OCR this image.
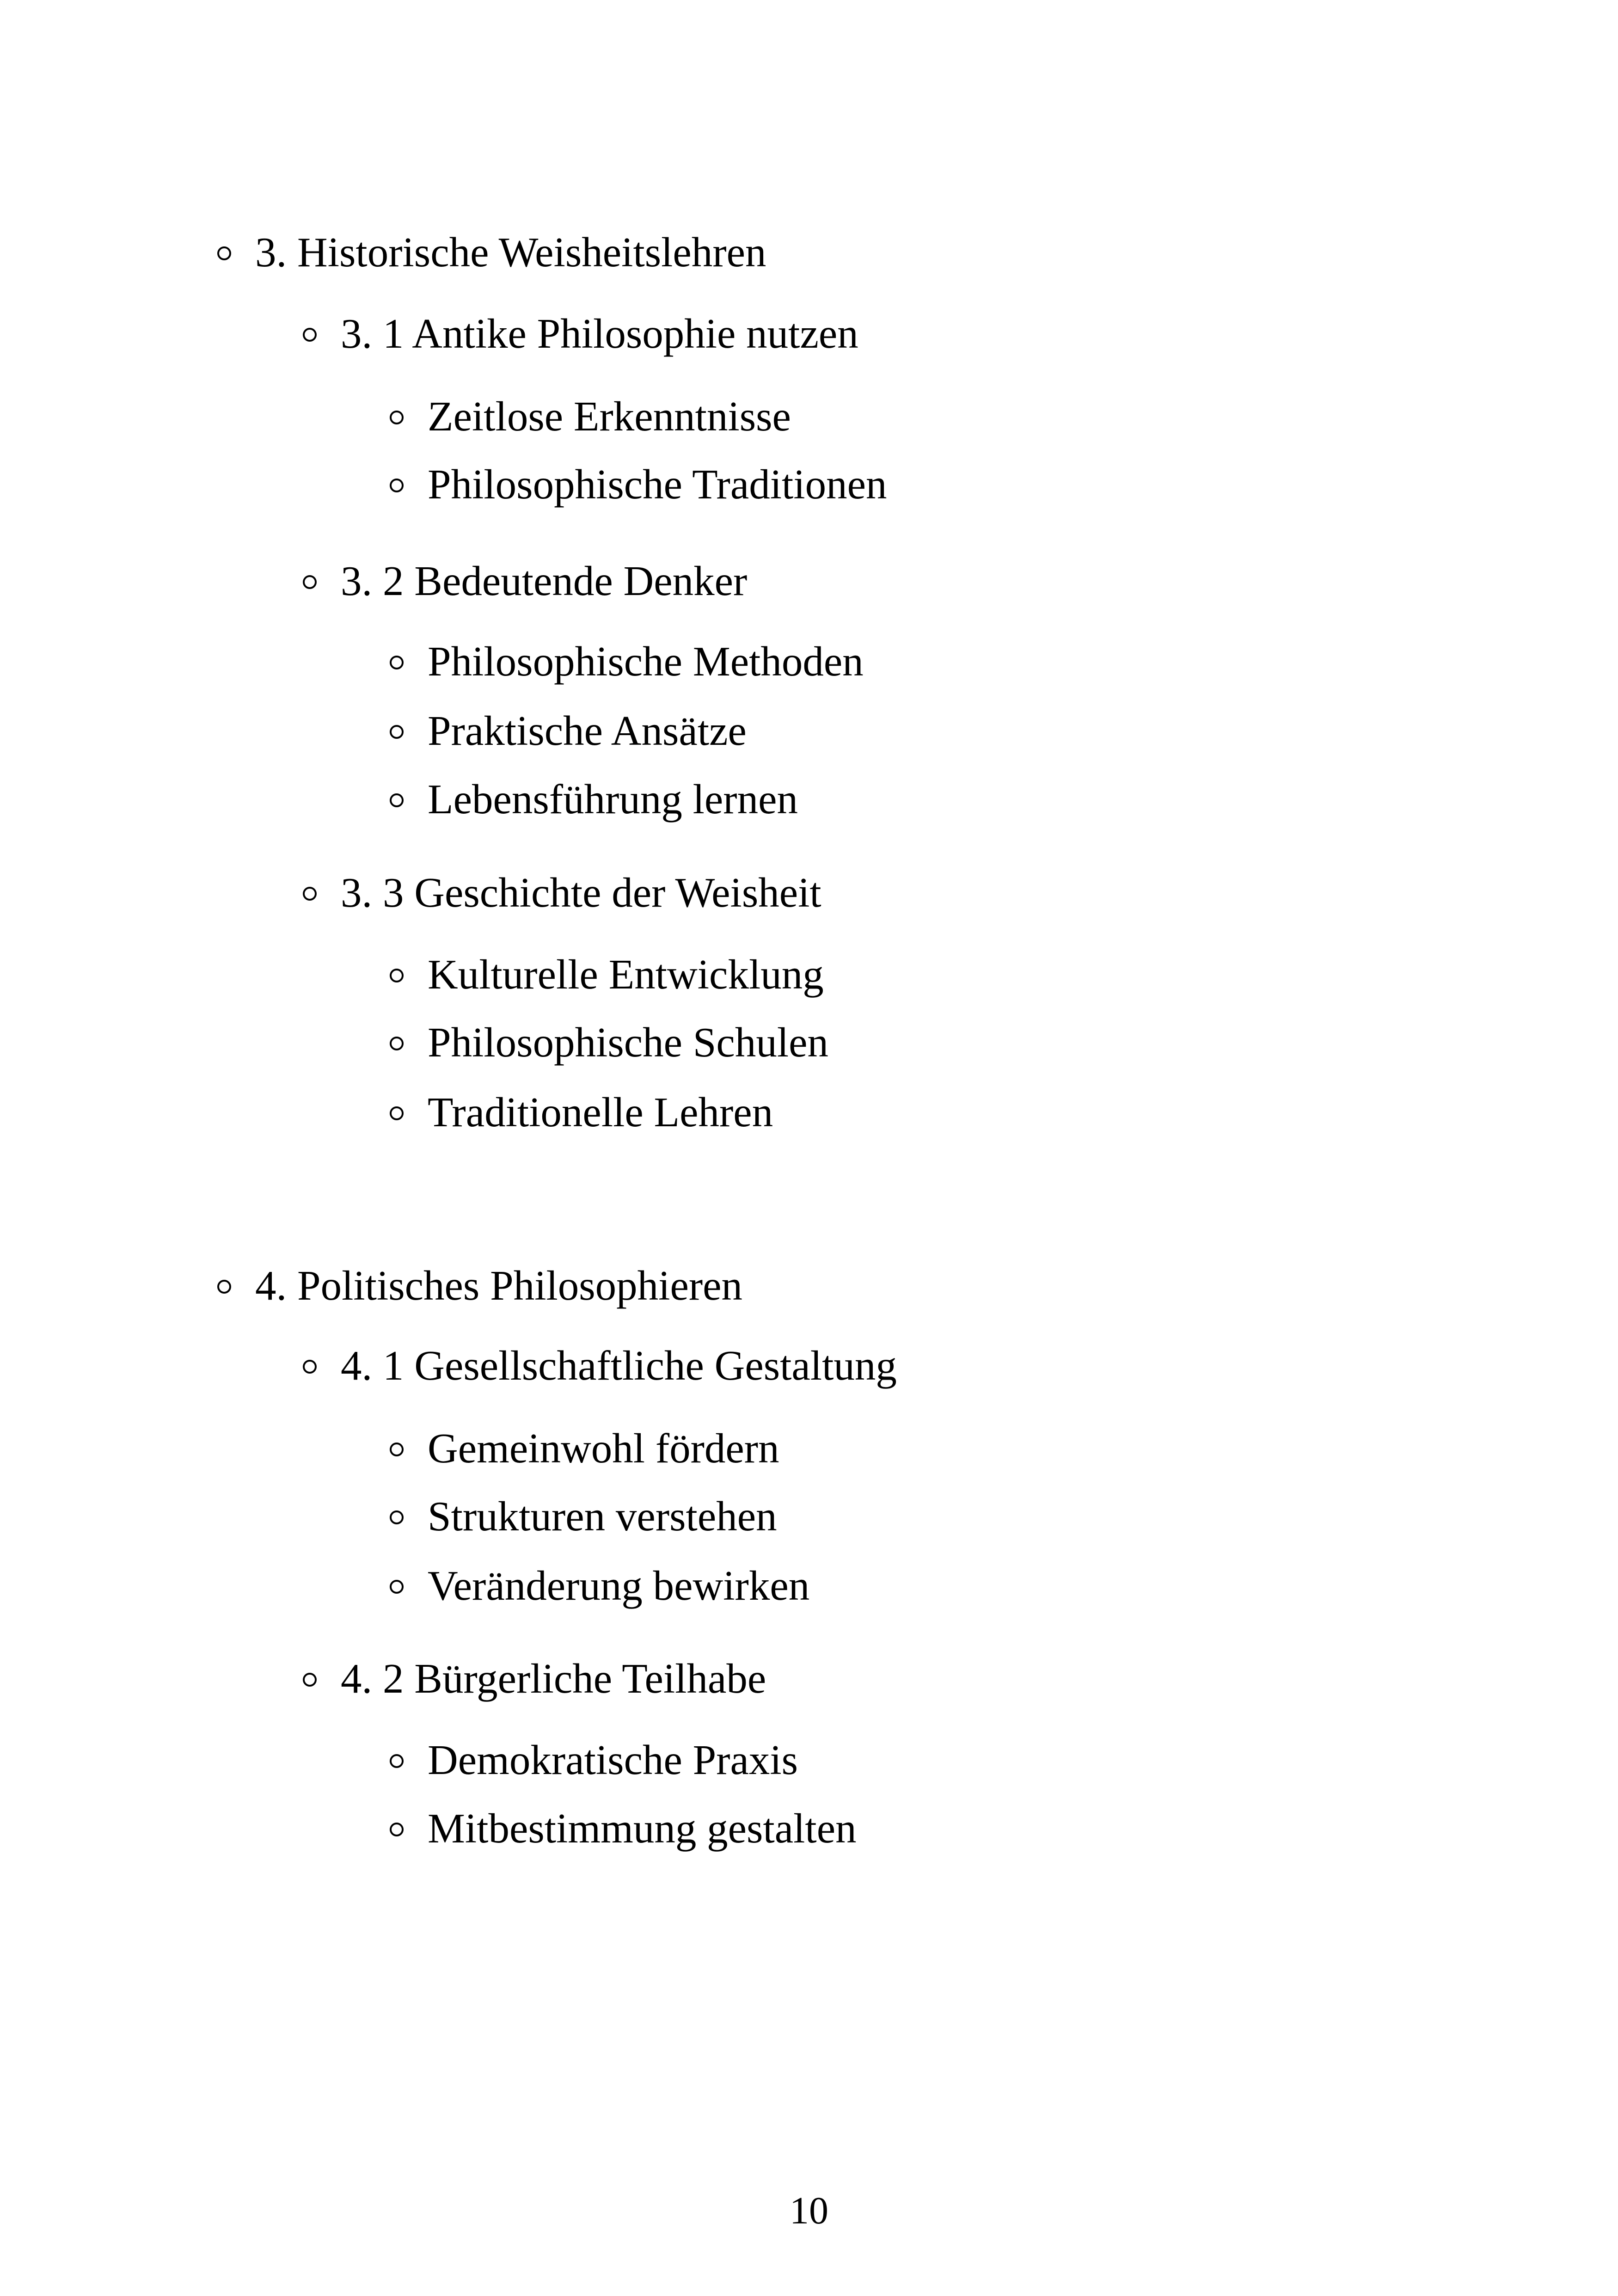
3. Historische Weisheitslehren
3. 1 Antike Philosophie nutzen
Zeitlose Erkenntnisse
Philosophische Traditionen
3. 2 Bedeutende Denker
Philosophische Methoden
Praktische Ansätze
Lebensführung lernen
3. 3 Geschichte der Weisheit
Kulturelle Entwicklung
Philosophische Schulen
Traditionelle Lehren
4. Politisches Philosophieren
4. 1 Gesellschaftliche Gestaltung
Gemeinwohl fördern
Strukturen verstehen
Veränderung bewirken
4. 2 Bürgerliche Teilhabe
Demokratische Praxis
Mitbestimmung gestalten
10
